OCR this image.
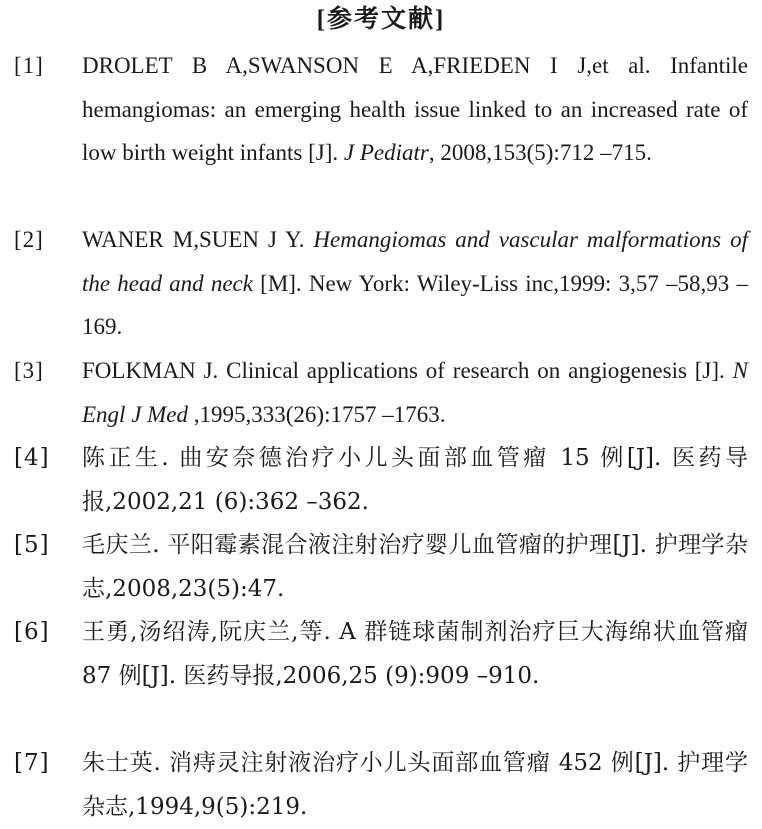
[参考文献]
[1]	DROLET B A,SWANSON E A,FRIEDEN I J,et al. Infantile hemangiomas: an emerging health issue linked to an increased rate of low birth weight infants [J]. J Pediatr, 2008,153(5):712 –715.
[2]	WANER M,SUEN J Y. Hemangiomas and vascular malformations of the head and neck [M]. New York: Wiley-Liss inc,1999: 3,57 –58,93 –169.
[3]	FOLKMAN J. Clinical applications of research on angiogenesis [J]. N Engl J Med ,1995,333(26):1757 –1763.
[4]	陈正生. 曲安奈德治疗小儿头面部血管瘤 15 例[J]. 医药导报,2002,21 (6):362 –362.
[5]	毛庆兰. 平阳霉素混合液注射治疗婴儿血管瘤的护理[J]. 护理学杂志,2008,23(5):47.
[6]	王勇,汤绍涛,阮庆兰,等. A 群链球菌制剂治疗巨大海绵状血管瘤 87 例[J]. 医药导报,2006,25 (9):909 –910.
[7]	朱士英. 消痔灵注射液治疗小儿头面部血管瘤 452 例[J]. 护理学杂志,1994,9(5):219.
